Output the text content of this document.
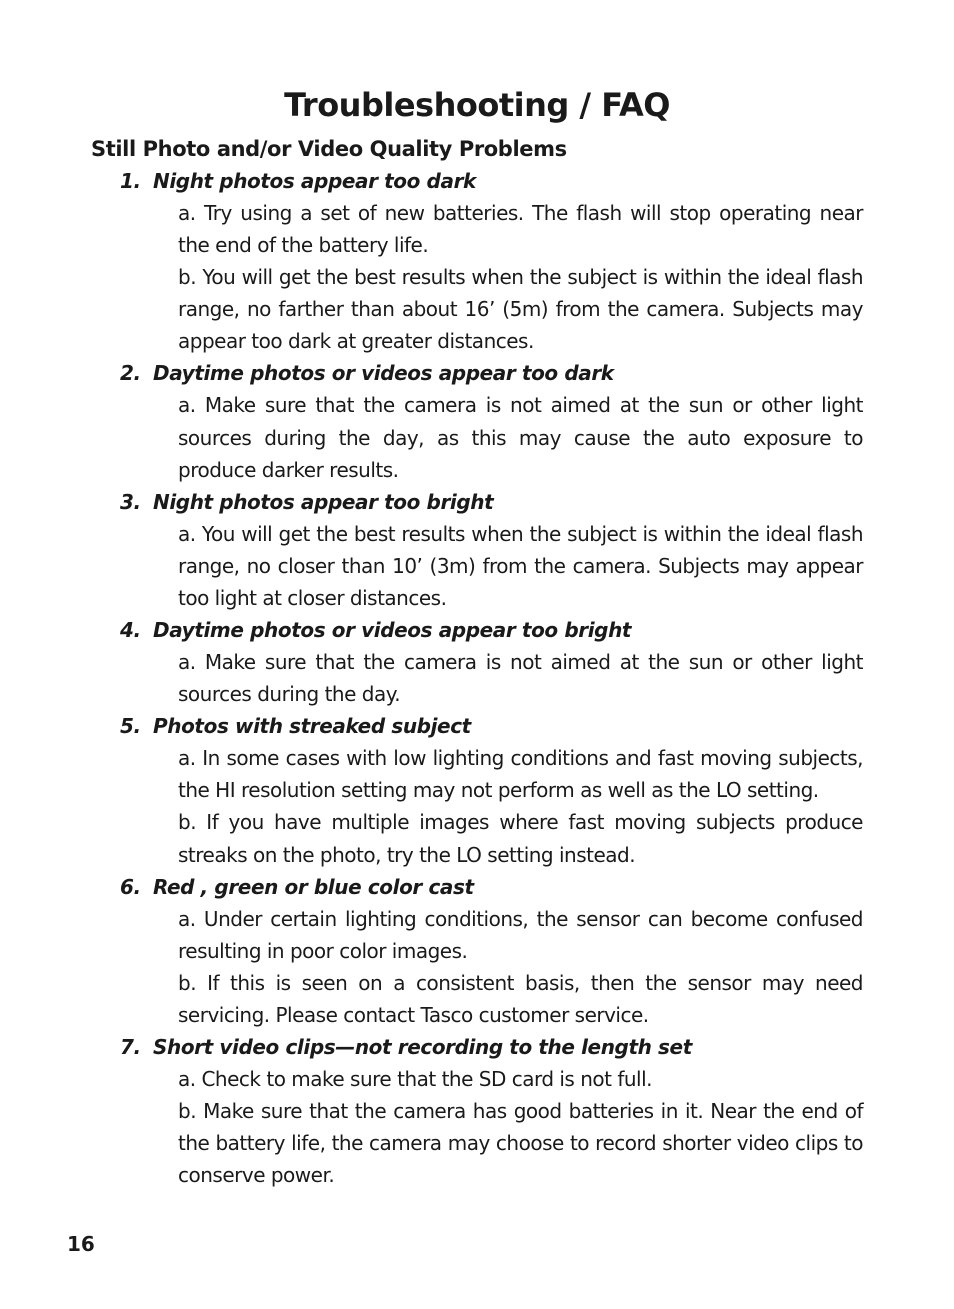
Troubleshooting / FAQ
Still Photo and/or Video Quality Problems
1. Night photos appear too dark
a. Try using a set of new batteries. The flash will stop operating near the end of the battery life.
b. You will get the best results when the subject is within the ideal flash range, no farther than about 16’ (5m) from the camera. Subjects may appear too dark at greater distances.
2. Daytime photos or videos appear too dark
a. Make sure that the camera is not aimed at the sun or other light sources during the day, as this may cause the auto exposure to produce darker results.
3. Night photos appear too bright
a. You will get the best results when the subject is within the ideal flash range, no closer than 10’ (3m) from the camera. Subjects may appear too light at closer distances.
4. Daytime photos or videos appear too bright
a. Make sure that the camera is not aimed at the sun or other light sources during the day.
5. Photos with streaked subject
a. In some cases with low lighting conditions and fast moving subjects, the HI resolution setting may not perform as well as the LO setting.
b. If you have multiple images where fast moving subjects produce streaks on the photo, try the LO setting instead.
6. Red , green or blue color cast
a. Under certain lighting conditions, the sensor can become confused resulting in poor color images.
b. If this is seen on a consistent basis, then the sensor may need servicing. Please contact Tasco customer service.
7. Short video clips—not recording to the length set
a. Check to make sure that the SD card is not full.
b. Make sure that the camera has good batteries in it. Near the end of the battery life, the camera may choose to record shorter video clips to conserve power.
16
